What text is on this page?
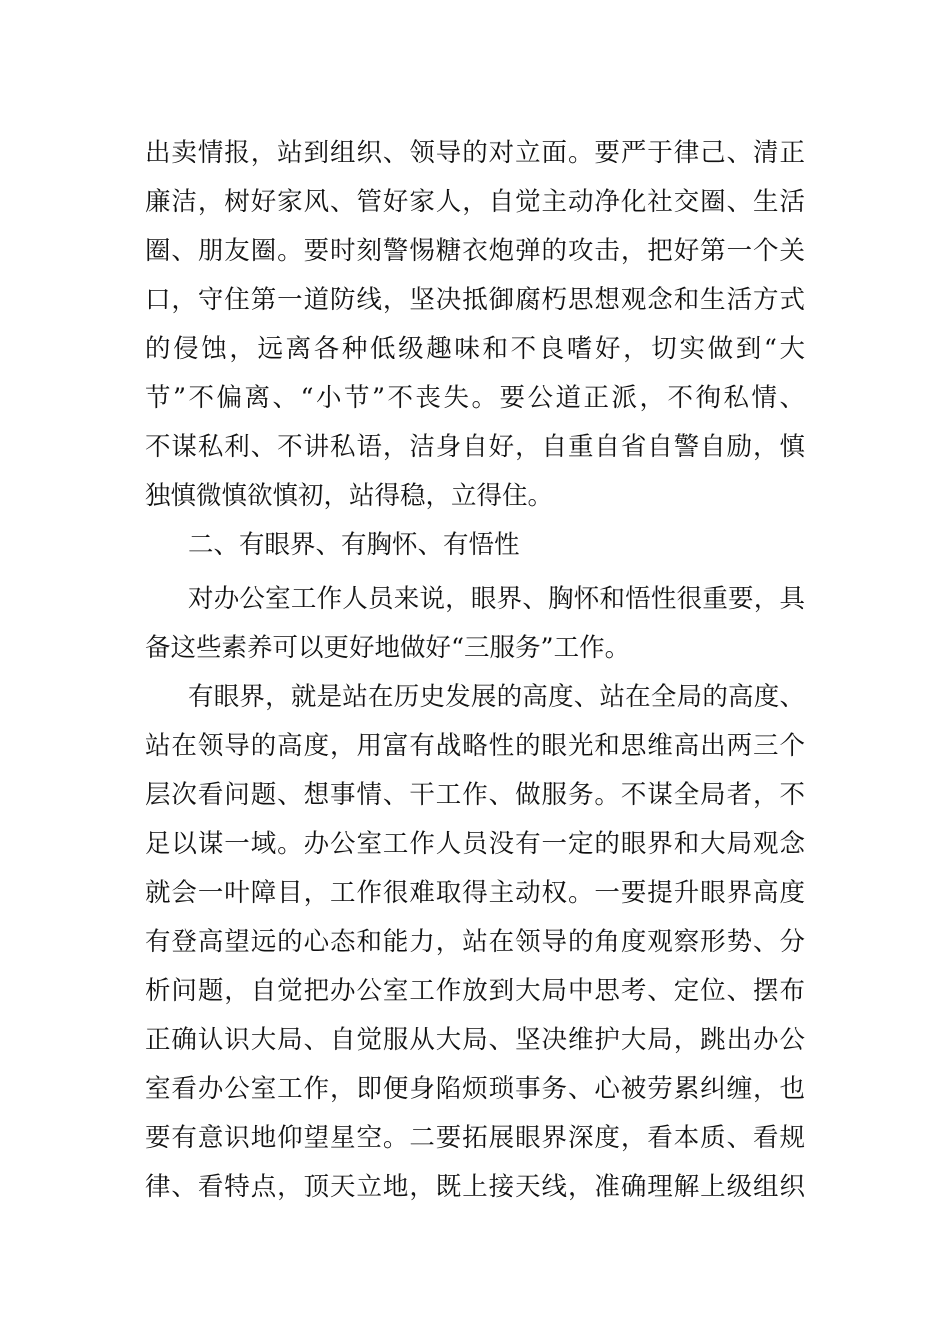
出卖情报，站到组织、领导的对立面。要严于律己、清正
廉洁，树好家风、管好家人，自觉主动净化社交圈、生活
圈、朋友圈。要时刻警惕糖衣炮弹的攻击，把好第一个关
口，守住第一道防线，坚决抵御腐朽思想观念和生活方式
的侵蚀，远离各种低级趣味和不良嗜好，切实做到“大
节”不偏离、“小节”不丧失。要公道正派，不徇私情、
不谋私利、不讲私语，洁身自好，自重自省自警自励，慎
独慎微慎欲慎初，站得稳，立得住。
二、有眼界、有胸怀、有悟性
对办公室工作人员来说，眼界、胸怀和悟性很重要，具
备这些素养可以更好地做好“三服务”工作。
有眼界，就是站在历史发展的高度、站在全局的高度、
站在领导的高度，用富有战略性的眼光和思维高出两三个
层次看问题、想事情、干工作、做服务。不谋全局者，不
足以谋一域。办公室工作人员没有一定的眼界和大局观念
就会一叶障目，工作很难取得主动权。一要提升眼界高度
有登高望远的心态和能力，站在领导的角度观察形势、分
析问题，自觉把办公室工作放到大局中思考、定位、摆布
正确认识大局、自觉服从大局、坚决维护大局，跳出办公
室看办公室工作，即便身陷烦琐事务、心被劳累纠缠，也
要有意识地仰望星空。二要拓展眼界深度，看本质、看规
律、看特点，顶天立地，既上接天线，准确理解上级组织
